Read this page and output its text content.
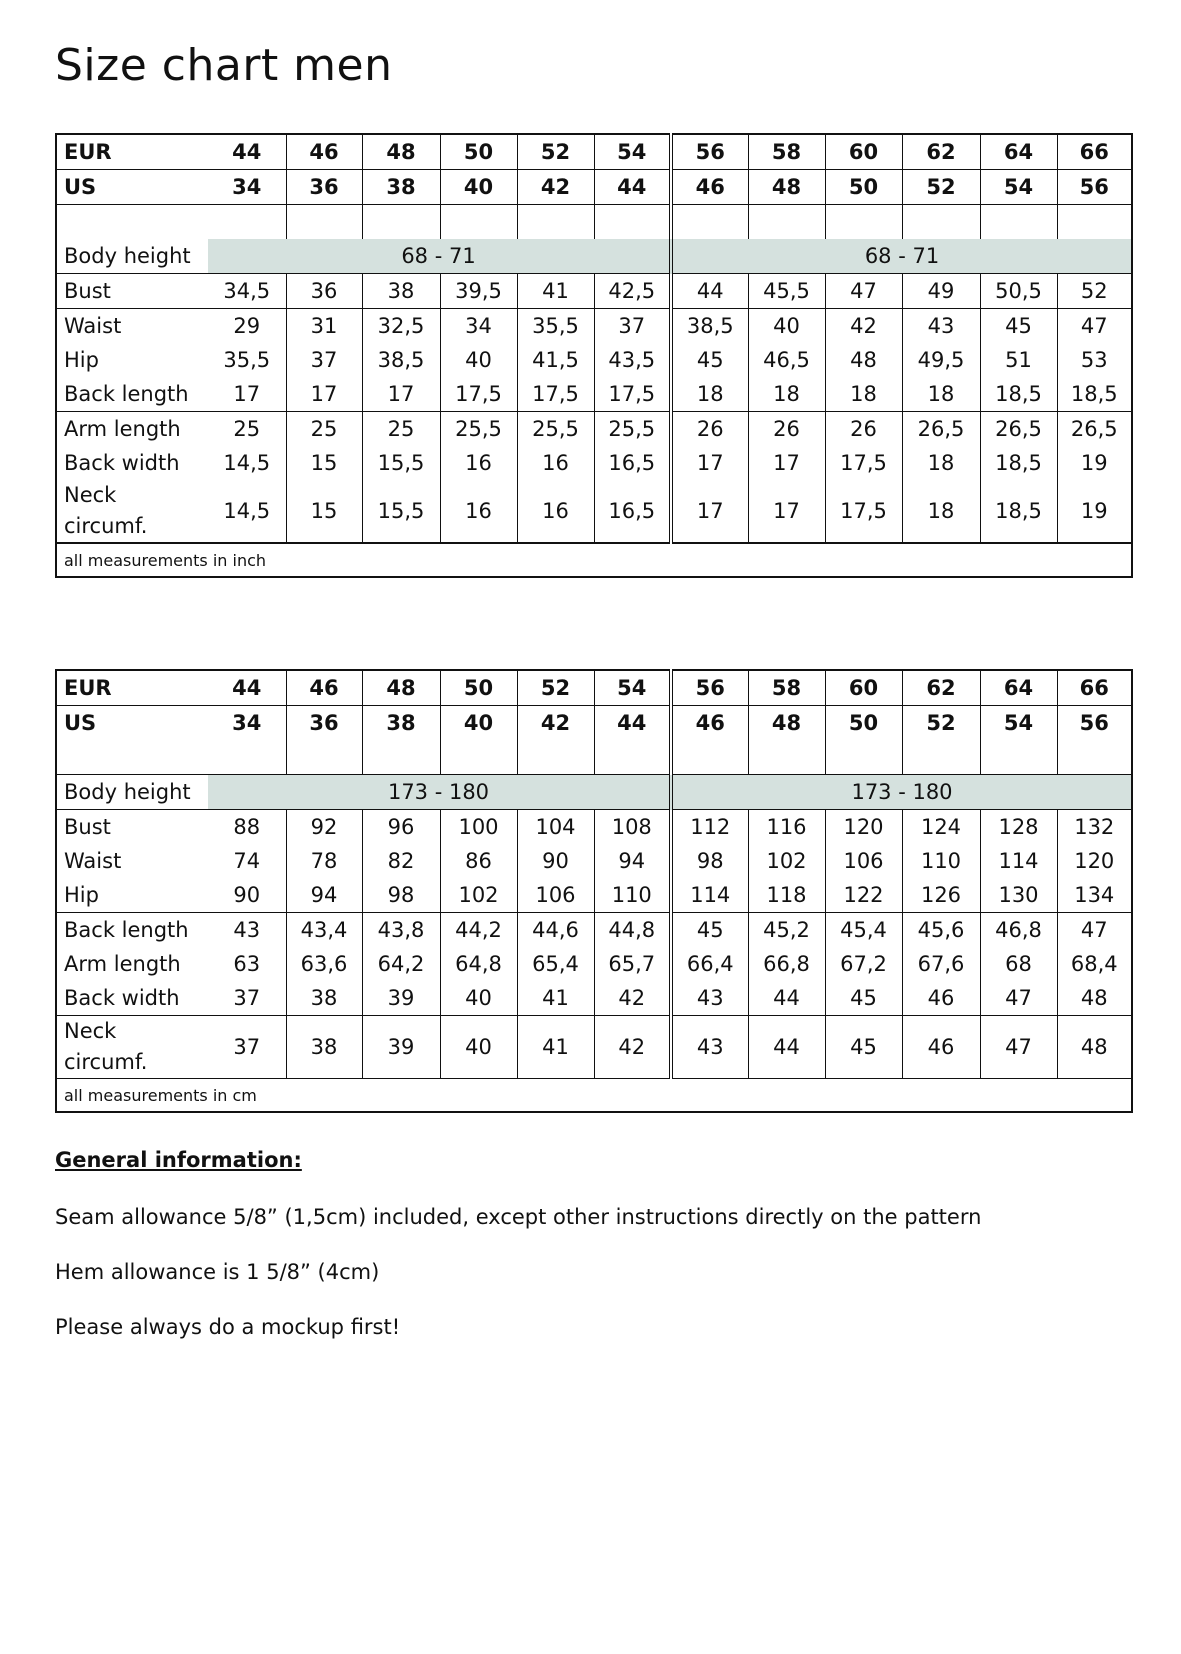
Size chart men
EUR	44	46	48	50	52	54	56	58	60	62	64	66
US	34	36	38	40	42	44	46	48	50	52	54	56

Body height	68 - 71						68 - 71					
Bust	34,5	36	38	39,5	41	42,5	44	45,5	47	49	50,5	52
Waist	29	31	32,5	34	35,5	37	38,5	40	42	43	45	47
Hip	35,5	37	38,5	40	41,5	43,5	45	46,5	48	49,5	51	53
Back length	17	17	17	17,5	17,5	17,5	18	18	18	18	18,5	18,5
Arm length	25	25	25	25,5	25,5	25,5	26	26	26	26,5	26,5	26,5
Back width	14,5	15	15,5	16	16	16,5	17	17	17,5	18	18,5	19
Neck
circumf.	14,5	15	15,5	16	16	16,5	17	17	17,5	18	18,5	19
all measurements in inch												
EUR	44	46	48	50	52	54	56	58	60	62	64	66
US	34	36	38	40	42	44	46	48	50	52	54	56

Body height	173 - 180						173 - 180					
Bust	88	92	96	100	104	108	112	116	120	124	128	132
Waist	74	78	82	86	90	94	98	102	106	110	114	120
Hip	90	94	98	102	106	110	114	118	122	126	130	134
Back length	43	43,4	43,8	44,2	44,6	44,8	45	45,2	45,4	45,6	46,8	47
Arm length	63	63,6	64,2	64,8	65,4	65,7	66,4	66,8	67,2	67,6	68	68,4
Back width	37	38	39	40	41	42	43	44	45	46	47	48
Neck
circumf.	37	38	39	40	41	42	43	44	45	46	47	48
all measurements in cm												

General information:

Seam allowance 5/8” (1,5cm) included, except other instructions directly on the pattern

Hem allowance is 1 5/8” (4cm)

Please always do a mockup first!
